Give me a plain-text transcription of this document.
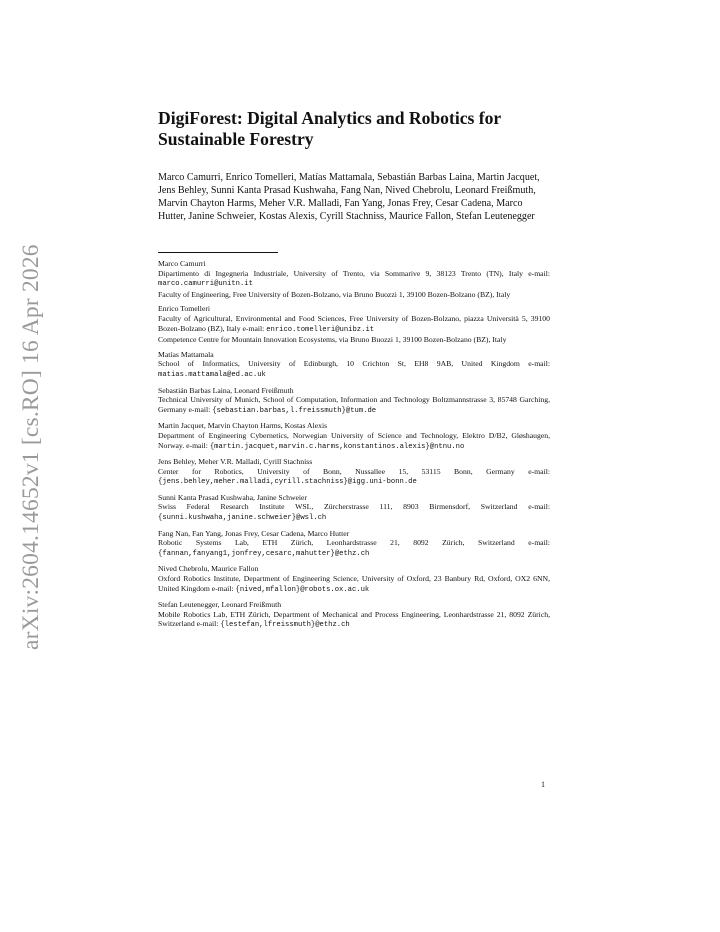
arXiv:2604.14652v1 [cs.RO] 16 Apr 2026
DigiForest: Digital Analytics and Robotics for Sustainable Forestry

Marco Camurri, Enrico Tomelleri, Matías Mattamala, Sebastián Barbas Laina, Martin Jacquet, Jens Behley, Sunni Kanta Prasad Kushwaha, Fang Nan, Nived Chebrolu, Leonard Freißmuth, Marvin Chayton Harms, Meher V.R. Malladi, Fan Yang, Jonas Frey, Cesar Cadena, Marco Hutter, Janine Schweier, Kostas Alexis, Cyrill Stachniss, Maurice Fallon, Stefan Leutenegger

Marco Camurri
Dipartimento di Ingegneria Industriale, University of Trento, via Sommarive 9, 38123 Trento (TN), Italy e-mail: marco.camurri@unitn.it
Faculty of Engineering, Free University of Bozen-Bolzano, via Bruno Buozzi 1, 39100 Bozen-Bolzano (BZ), Italy
Enrico Tomelleri
Faculty of Agricultural, Environmental and Food Sciences, Free University of Bozen-Bolzano, piazza Università 5, 39100 Bozen-Bolzano (BZ), Italy e-mail: enrico.tomelleri@unibz.it
Competence Centre for Mountain Innovation Ecosystems, via Bruno Buozzi 1, 39100 Bozen-Bolzano (BZ), Italy
Matías Mattamala
School of Informatics, University of Edinburgh, 10 Crichton St, EH8 9AB, United Kingdom e-mail: matias.mattamala@ed.ac.uk
Sebastián Barbas Laina, Leonard Freißmuth
Technical University of Munich, School of Computation, Information and Technology Boltzmannstrasse 3, 85748 Garching, Germany e-mail: {sebastian.barbas,l.freissmuth}@tum.de
Martin Jacquet, Marvin Chayton Harms, Kostas Alexis
Department of Engineering Cybernetics, Norwegian University of Science and Technology, Elektro D/B2, Gløshaugen, Norway. e-mail: {martin.jacquet,marvin.c.harms,konstantinos.alexis}@ntnu.no
Jens Behley, Meher V.R. Malladi, Cyrill Stachniss
Center for Robotics, University of Bonn, Nussallee 15, 53115 Bonn, Germany e-mail: {jens.behley,meher.malladi,cyrill.stachniss}@igg.uni-bonn.de
Sunni Kanta Prasad Kushwaha, Janine Schweier
Swiss Federal Research Institute WSL, Zürcherstrasse 111, 8903 Birmensdorf, Switzerland e-mail: {sunni.kushwaha,janine.schweier}@wsl.ch
Fang Nan, Fan Yang, Jonas Frey, Cesar Cadena, Marco Hutter
Robotic Systems Lab, ETH Zürich, Leonhardstrasse 21, 8092 Zürich, Switzerland e-mail: {fannan,fanyang1,jonfrey,cesarc,mahutter}@ethz.ch
Nived Chebrolu, Maurice Fallon
Oxford Robotics Institute, Department of Engineering Science, University of Oxford, 23 Banbury Rd, Oxford, OX2 6NN, United Kingdom e-mail: {nived,mfallon}@robots.ox.ac.uk
Stefan Leutenegger, Leonard Freißmuth
Mobile Robotics Lab, ETH Zürich, Department of Mechanical and Process Engineering, Leonhardstrasse 21, 8092 Zürich, Switzerland e-mail: {lestefan,lfreissmuth}@ethz.ch
1
